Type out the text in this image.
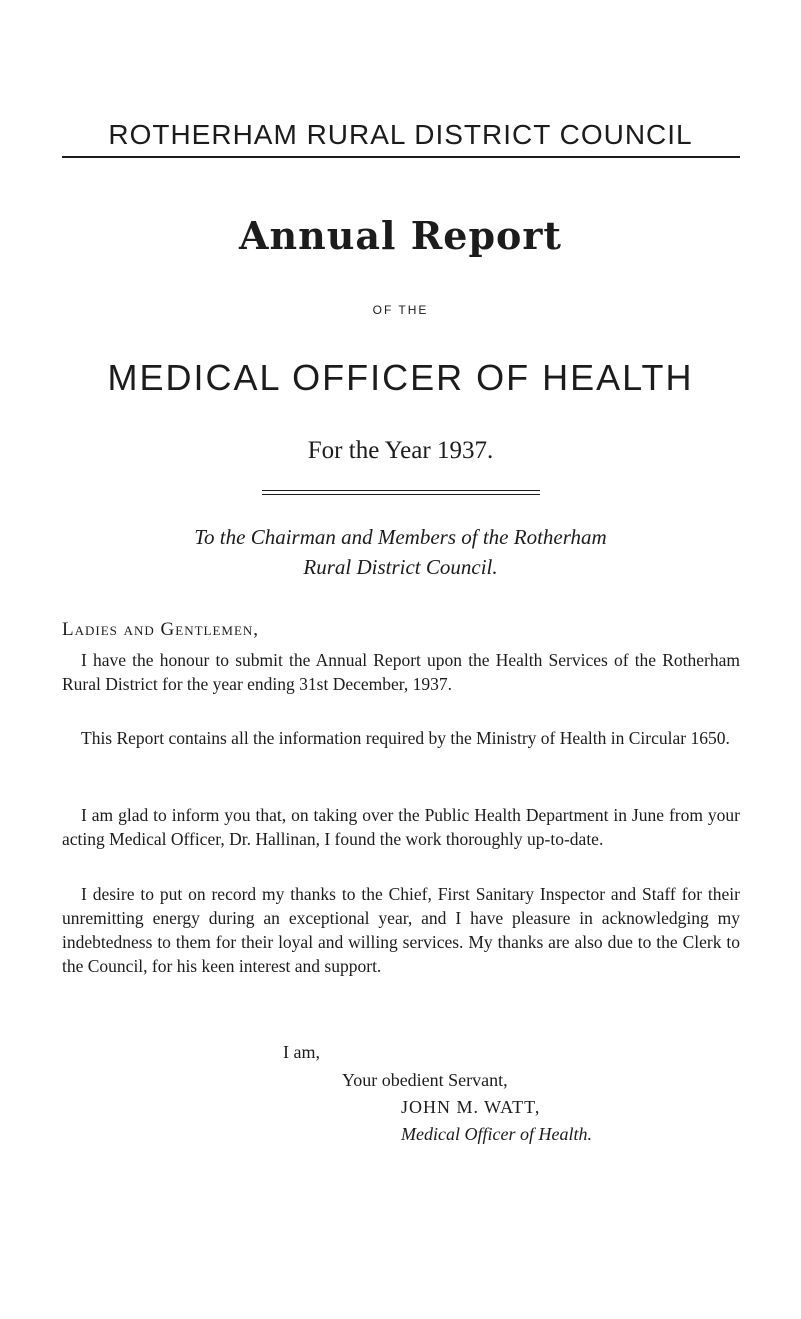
ROTHERHAM RURAL DISTRICT COUNCIL
Annual Report
OF THE
MEDICAL OFFICER OF HEALTH
For the Year 1937.
To the Chairman and Members of the Rotherham
Rural District Council.
Ladies and Gentlemen,

I have the honour to submit the Annual Report upon the Health Services of the Rotherham Rural District for the year ending 31st December, 1937.

This Report contains all the information required by the Ministry of Health in Circular 1650.

I am glad to inform you that, on taking over the Public Health Department in June from your acting Medical Officer, Dr. Hallinan, I found the work thoroughly up-to-date.

I desire to put on record my thanks to the Chief, First Sanitary Inspector and Staff for their unremitting energy during an exceptional year, and I have pleasure in acknowledging my indebtedness to them for their loyal and willing services. My thanks are also due to the Clerk to the Council, for his keen interest and support.

I am,
Your obedient Servant,
JOHN M. WATT,
Medical Officer of Health.
